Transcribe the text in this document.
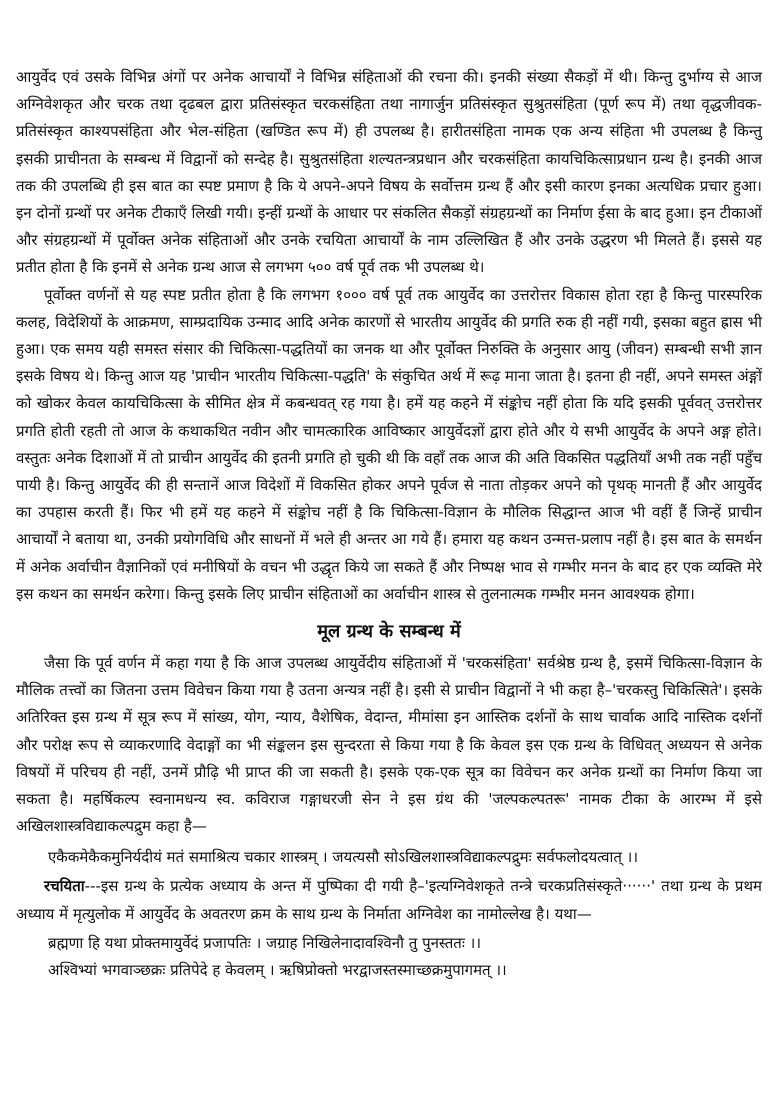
आयुर्वेद एवं उसके विभिन्न अंगों पर अनेक आचार्यों ने विभिन्न संहिताओं की रचना की। इनकी संख्या सैकड़ों में थी। किन्तु दुर्भाग्य से आज अग्निवेशकृत और चरक तथा दृढबल द्वारा प्रतिसंस्कृत चरकसंहिता तथा नागार्जुन प्रतिसंस्कृत सुश्रुतसंहिता (पूर्ण रूप में) तथा वृद्धजीवक-प्रतिसंस्कृत काश्यपसंहिता और भेल-संहिता (खण्डित रूप में) ही उपलब्ध है। हारीतसंहिता नामक एक अन्य संहिता भी उपलब्ध है किन्तु इसकी प्राचीनता के सम्बन्ध में विद्वानों को सन्देह है। सुश्रुतसंहिता शल्यतन्त्रप्रधान और चरकसंहिता कायचिकित्साप्रधान ग्रन्थ है। इनकी आज तक की उपलब्धि ही इस बात का स्पष्ट प्रमाण है कि ये अपने-अपने विषय के सर्वोत्तम ग्रन्थ हैं और इसी कारण इनका अत्यधिक प्रचार हुआ। इन दोनों ग्रन्थों पर अनेक टीकाएँ लिखी गयी। इन्हीं ग्रन्थों के आधार पर संकलित सैकड़ों संग्रहग्रन्थों का निर्माण ईसा के बाद हुआ। इन टीकाओं और संग्रहग्रन्थों में पूर्वोक्त अनेक संहिताओं और उनके रचयिता आचार्यों के नाम उल्लिखित हैं और उनके उद्धरण भी मिलते हैं। इससे यह प्रतीत होता है कि इनमें से अनेक ग्रन्थ आज से लगभग ५०० वर्ष पूर्व तक भी उपलब्ध थे।

पूर्वोक्त वर्णनों से यह स्पष्ट प्रतीत होता है कि लगभग १००० वर्ष पूर्व तक आयुर्वेद का उत्तरोत्तर विकास होता रहा है किन्तु पारस्परिक कलह, विदेशियों के आक्रमण, साम्प्रदायिक उन्माद आदि अनेक कारणों से भारतीय आयुर्वेद की प्रगति रुक ही नहीं गयी, इसका बहुत ह्रास भी हुआ। एक समय यही समस्त संसार की चिकित्सा-पद्धतियों का जनक था और पूर्वोक्त निरुक्ति के अनुसार आयु (जीवन) सम्बन्धी सभी ज्ञान इसके विषय थे। किन्तु आज यह 'प्राचीन भारतीय चिकित्सा-पद्धति' के संकुचित अर्थ में रूढ़ माना जाता है। इतना ही नहीं, अपने समस्त अंङ्गों को खोकर केवल कायचिकित्सा के सीमित क्षेत्र में कबन्धवत् रह गया है। हमें यह कहने में संङ्कोच नहीं होता कि यदि इसकी पूर्ववत् उत्तरोत्तर प्रगति होती रहती तो आज के कथाकथित नवीन और चामत्कारिक आविष्कार आयुर्वेदज्ञों द्वारा होते और ये सभी आयुर्वेद के अपने अङ्ग होते। वस्तुतः अनेक दिशाओं में तो प्राचीन आयुर्वेद की इतनी प्रगति हो चुकी थी कि वहाँ तक आज की अति विकसित पद्धतियाँ अभी तक नहीं पहुँच पायी है। किन्तु आयुर्वेद की ही सन्तानें आज विदेशों में विकसित होकर अपने पूर्वज से नाता तोड़कर अपने को पृथक् मानती हैं और आयुर्वेद का उपहास करती हैं। फिर भी हमें यह कहने में संङ्कोच नहीं है कि चिकित्सा-विज्ञान के मौलिक सिद्धान्त आज भी वहीं हैं जिन्हें प्राचीन आचार्यों ने बताया था, उनकी प्रयोगविधि और साधनों में भले ही अन्तर आ गये हैं। हमारा यह कथन उन्मत्त-प्रलाप नहीं है। इस बात के समर्थन में अनेक अर्वाचीन वैज्ञानिकों एवं मनीषियों के वचन भी उद्धृत किये जा सकते हैं और निष्पक्ष भाव से गम्भीर मनन के बाद हर एक व्यक्ति मेरे इस कथन का समर्थन करेगा। किन्तु इसके लिए प्राचीन संहिताओं का अर्वाचीन शास्त्र से तुलनात्मक गम्भीर मनन आवश्यक होगा।

मूल ग्रन्थ के सम्बन्ध में

जैसा कि पूर्व वर्णन में कहा गया है कि आज उपलब्ध आयुर्वेदीय संहिताओं में 'चरकसंहिता' सर्वश्रेष्ठ ग्रन्थ है, इसमें चिकित्सा-विज्ञान के मौलिक तत्त्वों का जितना उत्तम विवेचन किया गया है उतना अन्यत्र नहीं है। इसी से प्राचीन विद्वानों ने भी कहा है–'चरकस्तु चिकित्सिते'। इसके अतिरिक्त इस ग्रन्थ में सूत्र रूप में सांख्य, योग, न्याय, वैशेषिक, वेदान्त, मीमांसा इन आस्तिक दर्शनों के साथ चार्वाक आदि नास्तिक दर्शनों और परोक्ष रूप से व्याकरणादि वेदाङ्गों का भी संङ्कलन इस सुन्दरता से किया गया है कि केवल इस एक ग्रन्थ के विधिवत् अध्ययन से अनेक विषयों में परिचय ही नहीं, उनमें प्रौढ़ि भी प्राप्त की जा सकती है। इसके एक-एक सूत्र का विवेचन कर अनेक ग्रन्थों का निर्माण किया जा सकता है। महर्षिकल्प स्वनामधन्य स्व. कविराज गङ्गाधरजी सेन ने इस ग्रंथ की 'जल्पकल्पतरू' नामक टीका के आरम्भ में इसे अखिलशास्त्रविद्याकल्पद्रुम कहा है—

एकैकमेकैकमुनिर्यदीयं मतं समाश्रित्य चकार शास्त्रम् । जयत्यसौ सोऽखिलशास्त्रविद्याकल्पद्रुमः सर्वफलोदयत्वात् ।।

रचयिता---इस ग्रन्थ के प्रत्येक अध्याय के अन्त में पुष्पिका दी गयी है–'इत्यग्निवेशकृते तन्त्रे चरकप्रतिसंस्कृते······' तथा ग्रन्थ के प्रथम अध्याय में मृत्युलोक में आयुर्वेद के अवतरण क्रम के साथ ग्रन्थ के निर्माता अग्निवेश का नामोल्लेख है। यथा—

ब्रह्मणा हि यथा प्रोक्तमायुर्वेदं प्रजापतिः । जग्राह निखिलेनादावश्विनौ तु पुनस्ततः ।।

अश्विभ्यां भगवाञ्छक्रः प्रतिपेदे ह केवलम् । ऋषिप्रोक्तो भरद्वाजस्तस्माच्छक्रमुपागमत् ।।
